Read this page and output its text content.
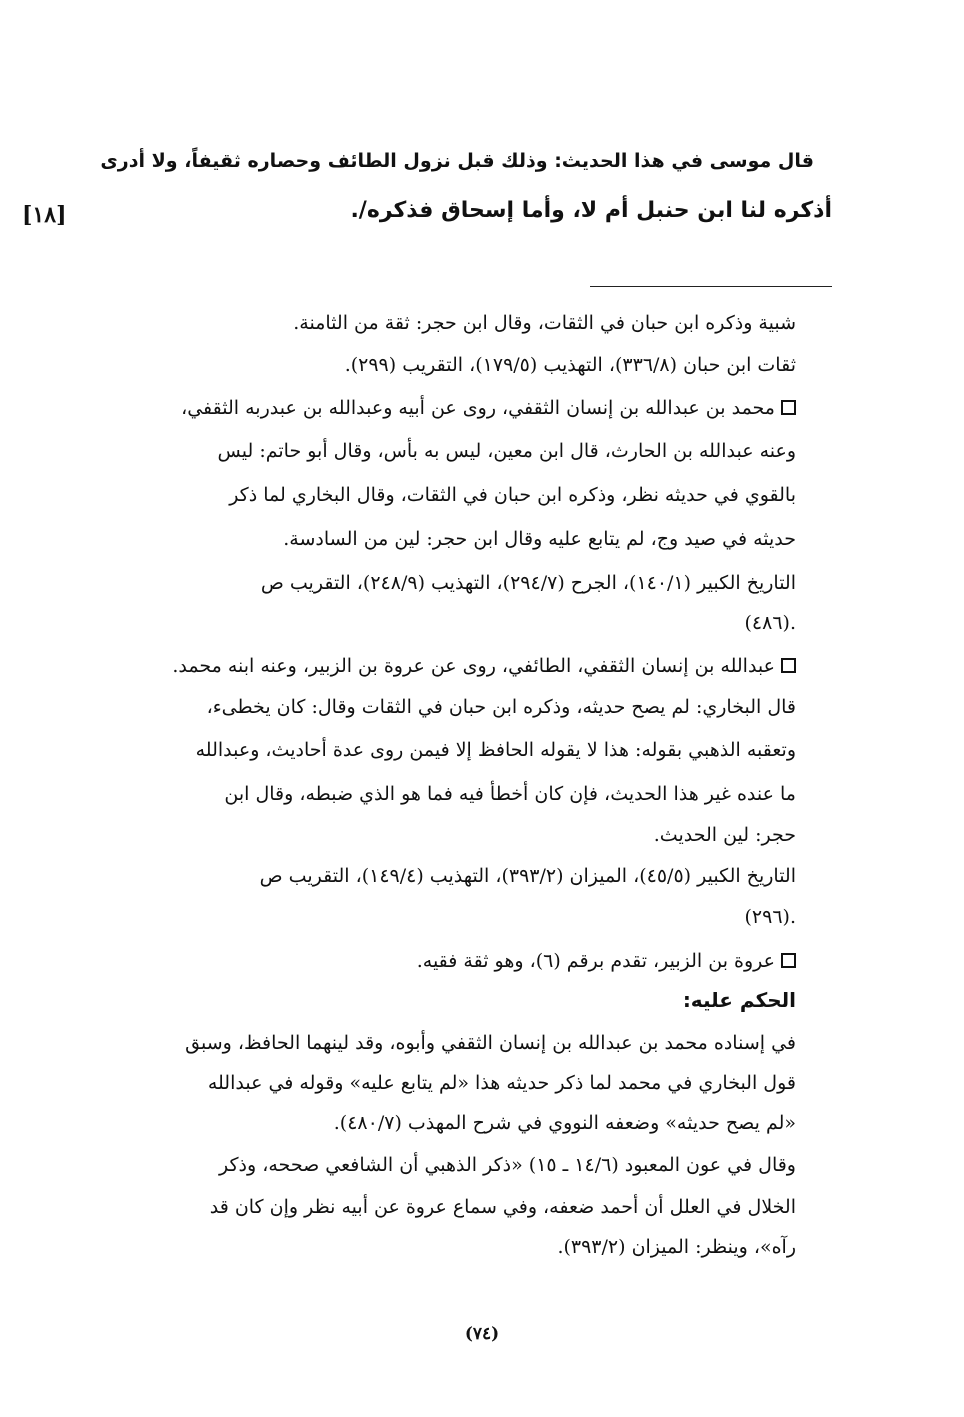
[١٨]
قال موسى في هذا الحديث: وذلك قبل نزول الطائف وحصاره ثقيفاً، ولا أدرى
أذكره لنا ابن حنبل أم لا، وأما إسحاق فذكره/.
شبية وذكره ابن حبان في الثقات، وقال ابن حجر: ثقة من الثامنة.
ثقات ابن حبان (٣٣٦/٨)، التهذيب (١٧٩/٥)، التقريب (٢٩٩).
محمد بن عبدالله بن إنسان الثقفي، روى عن أبيه وعبدالله بن عبدربه الثقفي،
وعنه عبدالله بن الحارث، قال ابن معين، ليس به بأس، وقال أبو حاتم: ليس
بالقوي في حديثه نظر، وذكره ابن حبان في الثقات، وقال البخاري لما ذكر
حديثه في صيد وج، لم يتابع عليه وقال ابن حجر: لين من السادسة.
التاريخ الكبير (١٤٠/١)، الجرح (٢٩٤/٧)، التهذيب (٢٤٨/٩)، التقريب ص
(٤٨٦).
عبدالله بن إنسان الثقفي، الطائفي، روى عن عروة بن الزبير، وعنه ابنه محمد.
قال البخاري: لم يصح حديثه، وذكره ابن حبان في الثقات وقال: كان يخطىء،
وتعقبه الذهبي بقوله: هذا لا يقوله الحافظ إلا فيمن روى عدة أحاديث، وعبدالله
ما عنده غير هذا الحديث، فإن كان أخطأ فيه فما هو الذي ضبطه، وقال ابن
حجر: لين الحديث.
التاريخ الكبير (٤٥/٥)، الميزان (٣٩٣/٢)، التهذيب (١٤٩/٤)، التقريب ص
(٢٩٦).
عروة بن الزبير، تقدم برقم (٦)، وهو ثقة فقيه.
الحكم عليه:
في إسناده محمد بن عبدالله بن إنسان الثقفي وأبوه، وقد لينهما الحافظ، وسبق
قول البخاري في محمد لما ذكر حديثه هذا «لم يتابع عليه» وقوله في عبدالله
«لم يصح حديثه» وضعفه النووي في شرح المهذب (٤٨٠/٧).
وقال في عون المعبود (١٤/٦ ـ ١٥) «ذكر الذهبي أن الشافعي صححه، وذكر
الخلال في العلل أن أحمد ضعفه، وفي سماع عروة عن أبيه نظر وإن كان قد
رآه»، وينظر: الميزان (٣٩٣/٢).
(٧٤)
